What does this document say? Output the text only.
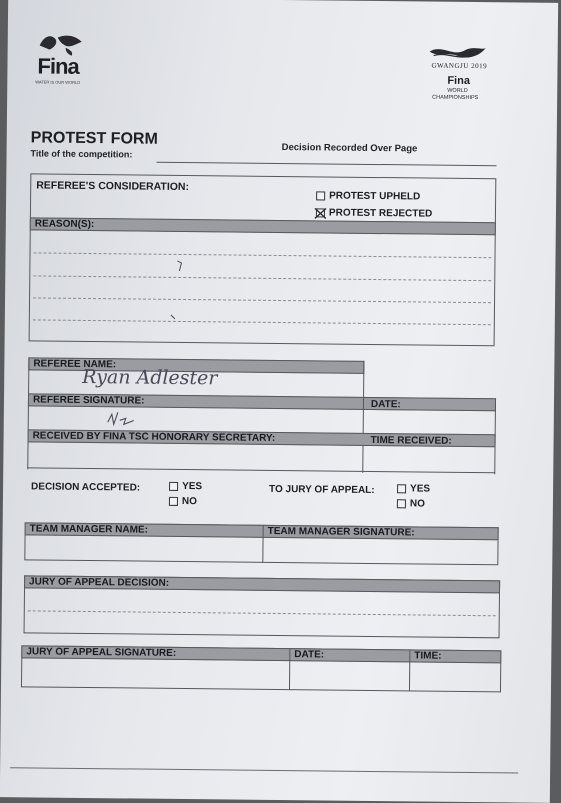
Fina
WATER IS OUR WORLD
GWANGJU 2019
Fina
WORLD
CHAMPIONSHIPS
PROTEST FORM
Title of the competition:	Decision Recorded Over Page
REFEREE'S CONSIDERATION:
PROTEST UPHELD
PROTEST REJECTED
REASON(S):
REFEREE NAME:
Ryan Adlester
REFEREE SIGNATURE:	DATE:
RECEIVED BY FINA TSC HONORARY SECRETARY:	TIME RECEIVED:
DECISION ACCEPTED:	YES
NO
TO JURY OF APPEAL:	YES
NO
TEAM MANAGER NAME:	TEAM MANAGER SIGNATURE:
JURY OF APPEAL DECISION:
JURY OF APPEAL SIGNATURE:	DATE:	TIME:
